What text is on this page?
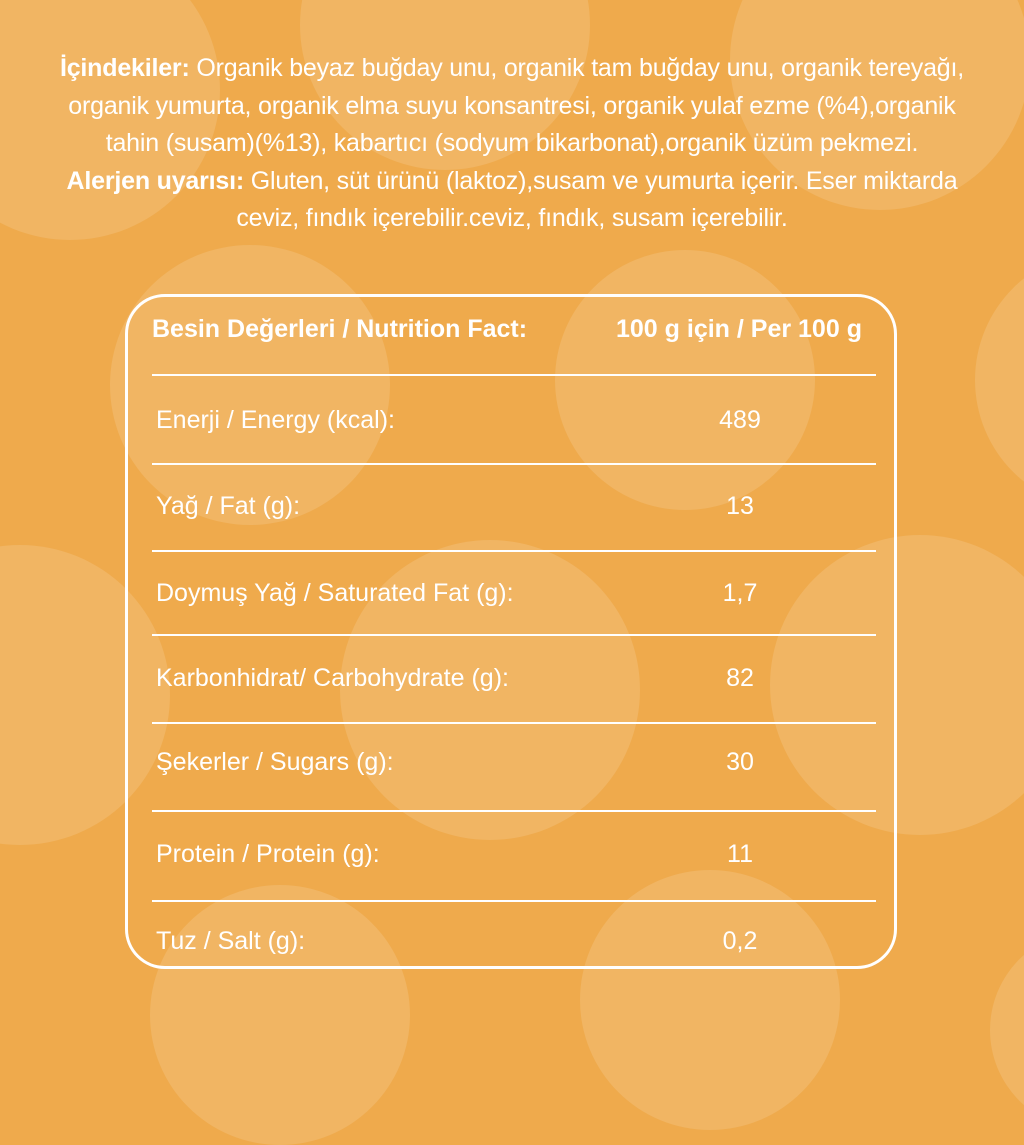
İçindekiler: Organik beyaz buğday unu, organik tam buğday unu, organik tereyağı, organik yumurta, organik elma suyu konsantresi, organik yulaf ezme (%4),organik tahin (susam)(%13), kabartıcı (sodyum bikarbonat),organik üzüm pekmezi.
Alerjen uyarısı: Gluten, süt ürünü (laktoz),susam ve yumurta içerir. Eser miktarda ceviz, fındık içerebilir.ceviz, fındık, susam içerebilir.
Besin Değerleri / Nutrition Fact:	100 g için / Per 100 g
Enerji / Energy (kcal):	489
Yağ / Fat (g):	13
Doymuş Yağ / Saturated Fat (g):	1,7
Karbonhidrat/ Carbohydrate (g):	82
Şekerler / Sugars (g):	30
Protein / Protein (g):	11
Tuz / Salt (g):	0,2
